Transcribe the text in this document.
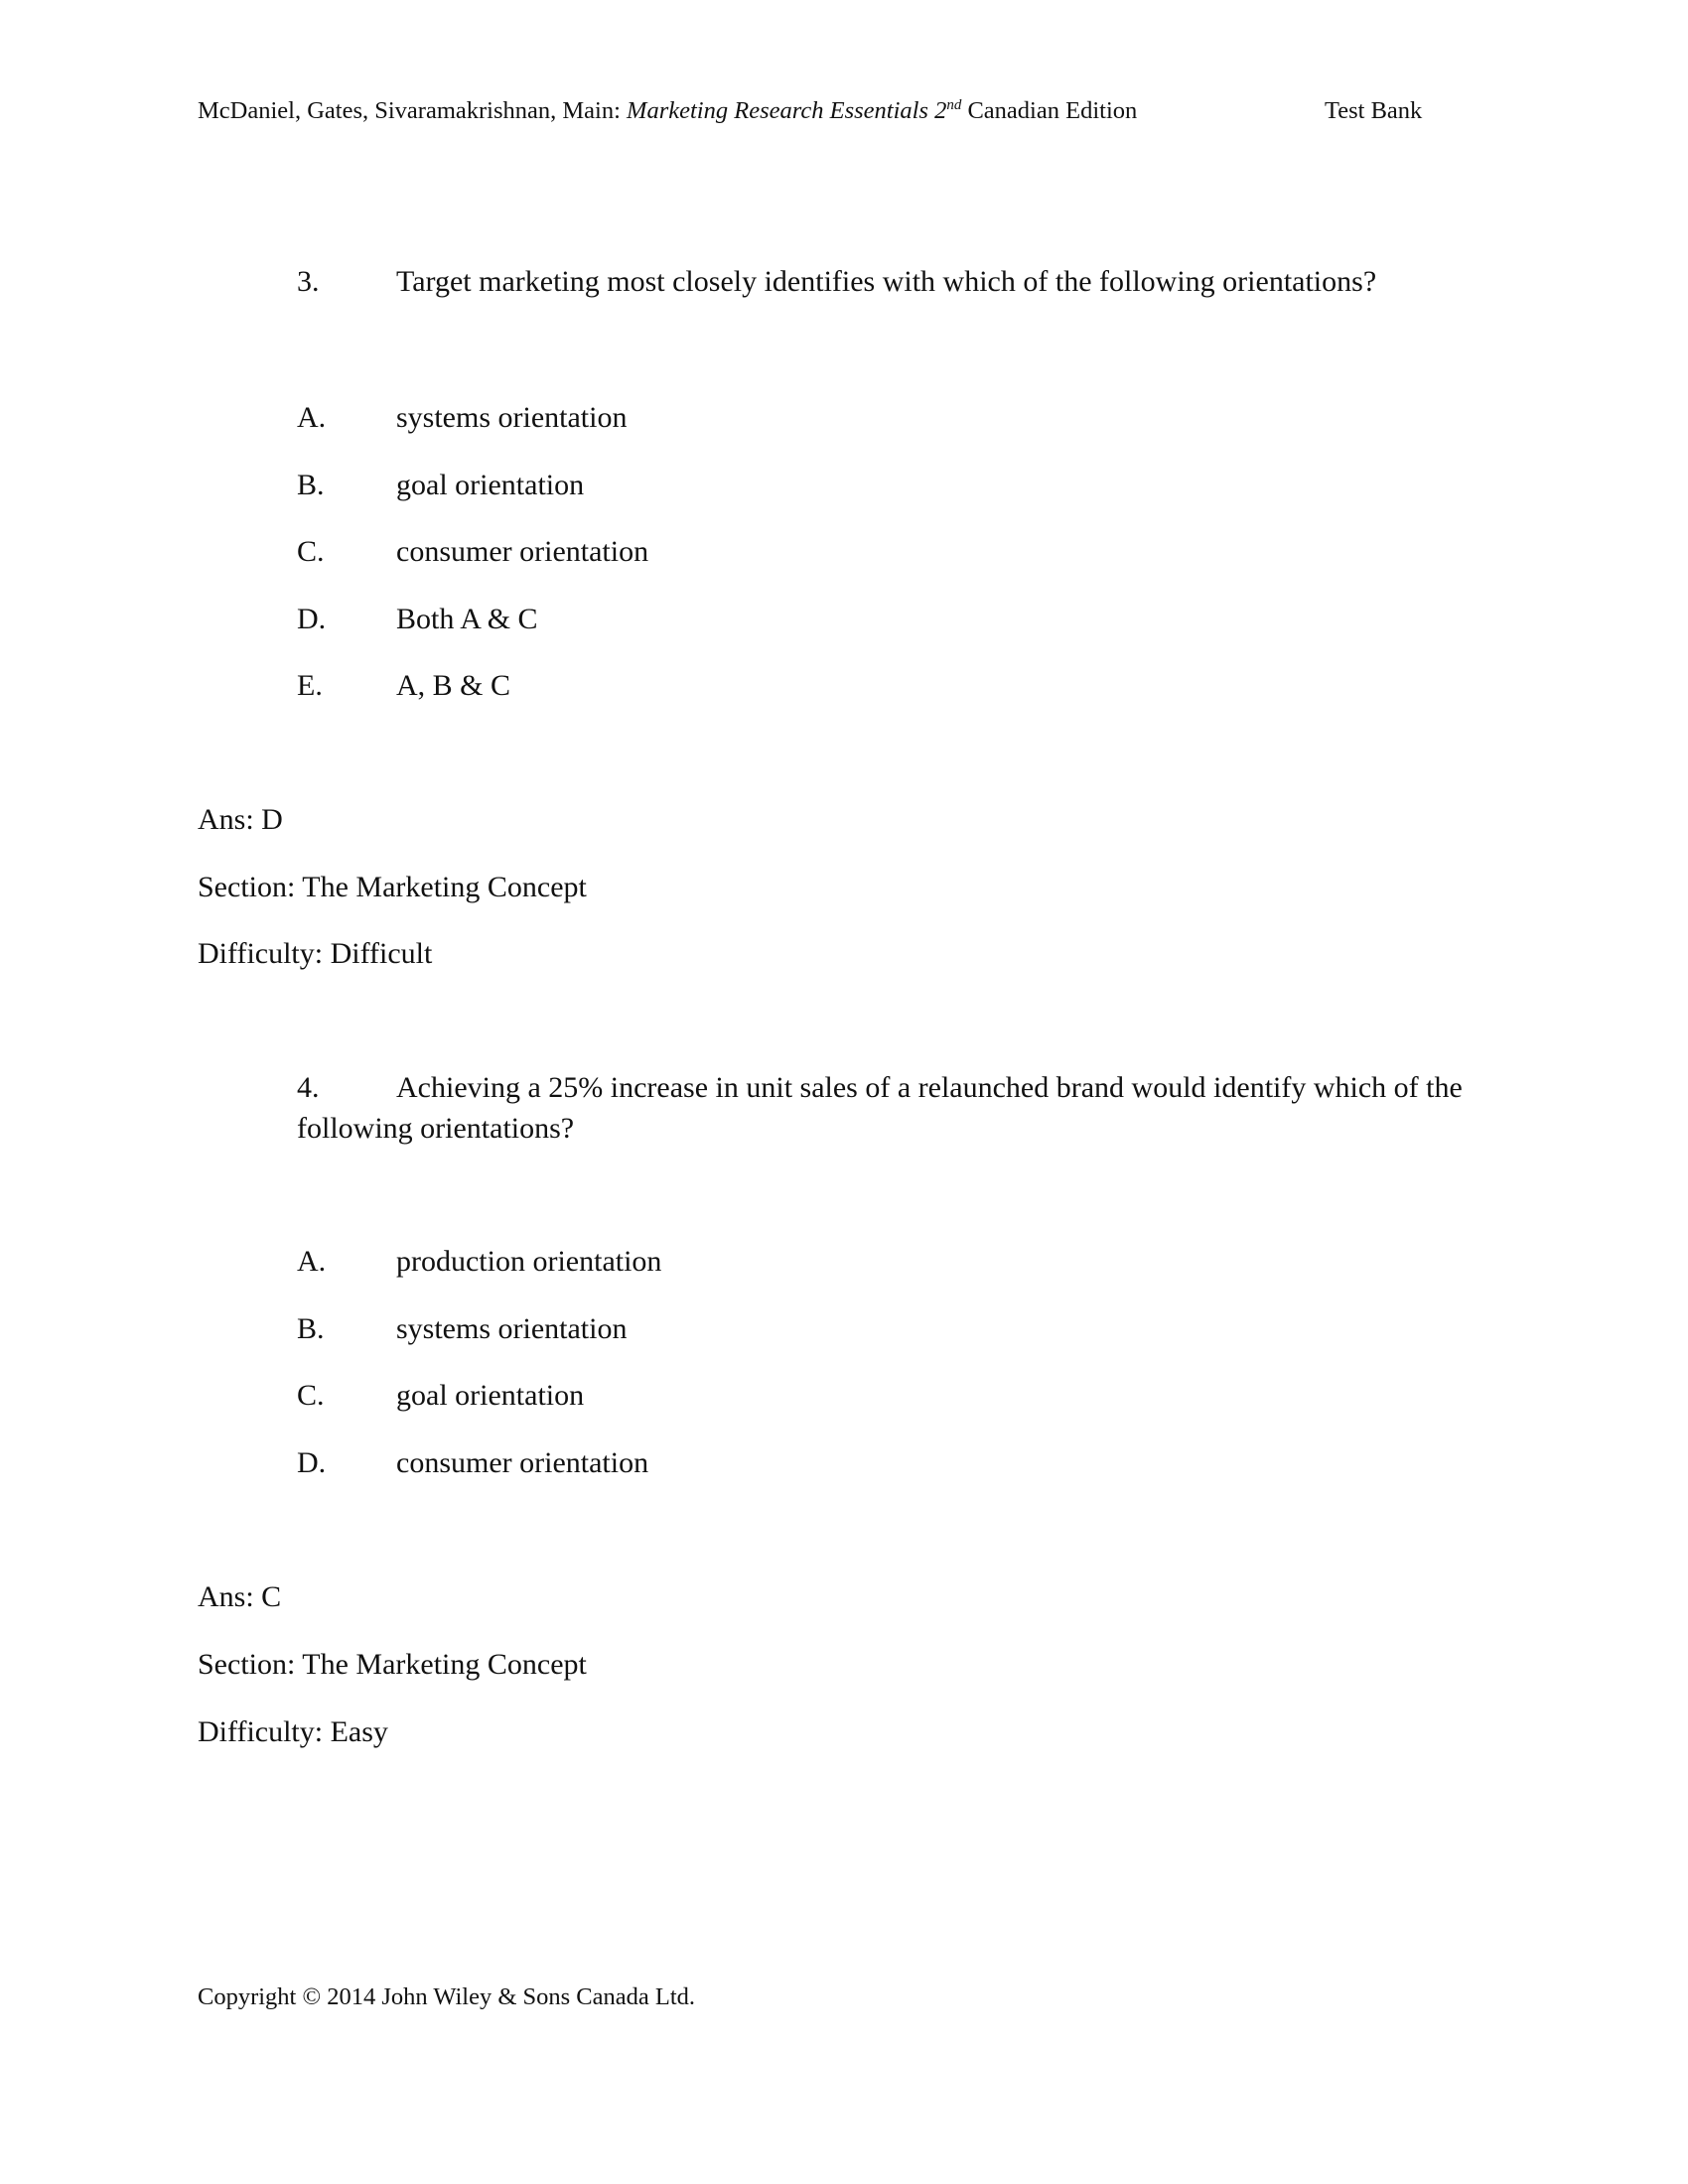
McDaniel, Gates, Sivaramakrishnan, Main: Marketing Research Essentials 2nd Canadian Edition	Test Bank
3.	Target marketing most closely identifies with which of the following orientations?
A. systems orientation
B. goal orientation
C. consumer orientation
D. Both A & C
E. A, B & C
Ans: D
Section: The Marketing Concept
Difficulty: Difficult
4.	Achieving a 25% increase in unit sales of a relaunched brand would identify which of the following orientations?
A. production orientation
B. systems orientation
C. goal orientation
D. consumer orientation
Ans: C
Section: The Marketing Concept
Difficulty: Easy
Copyright © 2014 John Wiley & Sons Canada Ltd.
